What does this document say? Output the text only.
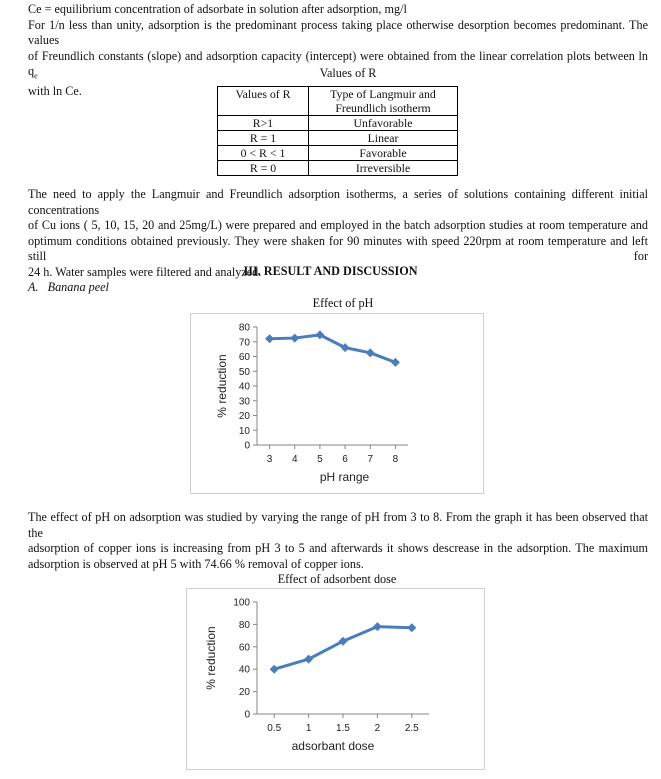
Ce = equilibrium concentration of adsorbate in solution after adsorption, mg/l
For 1/n less than unity, adsorption is the predominant process taking place otherwise desorption becomes predominant. The values
of Freundlich constants (slope) and adsorption capacity (intercept) were obtained from the linear correlation plots between $\ln q_e$
with ln Ce.
Values of R
Values of R	Type of Langmuir and Freundlich isotherm
R>1	Unfavorable
R = 1	Linear
0 < R < 1	Favorable
R = 0	Irreversible
The need to apply the Langmuir and Freundlich adsorption isotherms, a series of solutions containing different initial concentrations
of Cu ions ( 5, 10, 15, 20 and 25mg/L) were prepared and employed in the batch adsorption studies at room temperature and
optimum conditions obtained previously. They were shaken for 90 minutes with speed 220rpm at room temperature and left still for
24 h. Water samples were filtered and analyzed.
III. RESULT AND DISCUSSION
A. Banana peel
Effect of pH
0
10
20
30
40
50
60
70
80
3 4 5 6 7 8
pH range
% reduction
The effect of pH on adsorption was studied by varying the range of pH from 3 to 8. From the graph it has been observed that the
adsorption of copper ions is increasing from pH 3 to 5 and afterwards it shows descrease in the adsorption. The maximum
adsorption is observed at pH 5 with 74.66 % removal of copper ions.
Effect of adsorbent dose
0
20
40
60
80
100
0.5 1 1.5 2 2.5
adsorbant dose
% reduction
